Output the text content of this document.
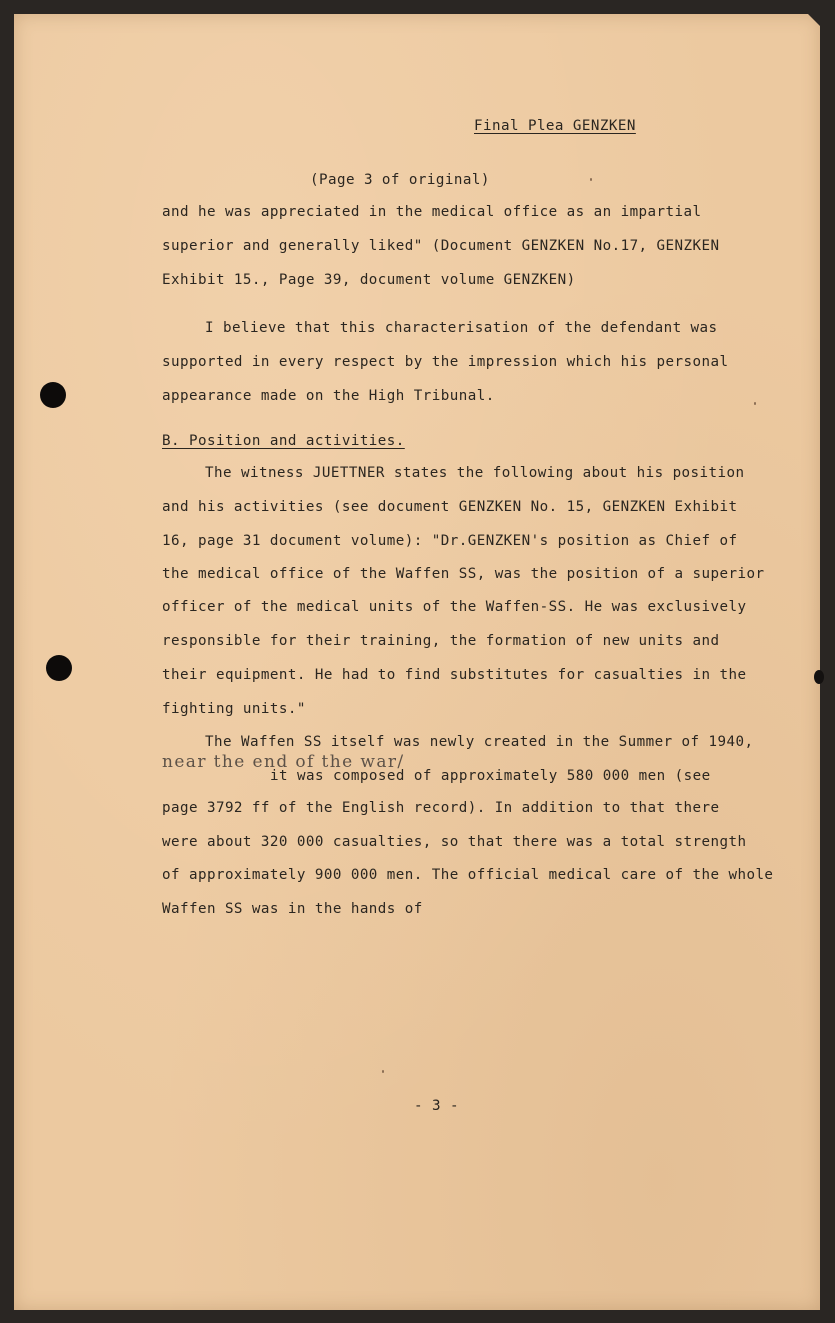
Final Plea GENZKEN
(Page 3 of original)
and he was appreciated in the medical office as an impartial
superior and generally liked" (Document GENZKEN No.17, GENZKEN
Exhibit 15., Page 39, document volume GENZKEN)
I believe that this characterisation of the defendant was
supported in every respect by the impression which his personal
appearance made on the High Tribunal.
B. Position and activities.
The witness JUETTNER states the following about his position
and his activities (see document GENZKEN No. 15, GENZKEN Exhibit
16, page 31 document volume): "Dr.GENZKEN's position as Chief of
the medical office of the Waffen SS, was the position of a superior
officer of the medical units of the Waffen-SS. He was exclusively
responsible for their training, the formation of new units and
their equipment. He had to find substitutes for casualties in the
fighting units."
The Waffen SS itself was newly created in the Summer of 1940,
near the end of the war/
it was composed of approximately 580 000 men (see
page 3792 ff of the English record). In addition to that there
were about 320 000 casualties, so that there was a total strength
of approximately 900 000 men. The official medical care of the whole
Waffen SS was in the hands of
- 3 -
